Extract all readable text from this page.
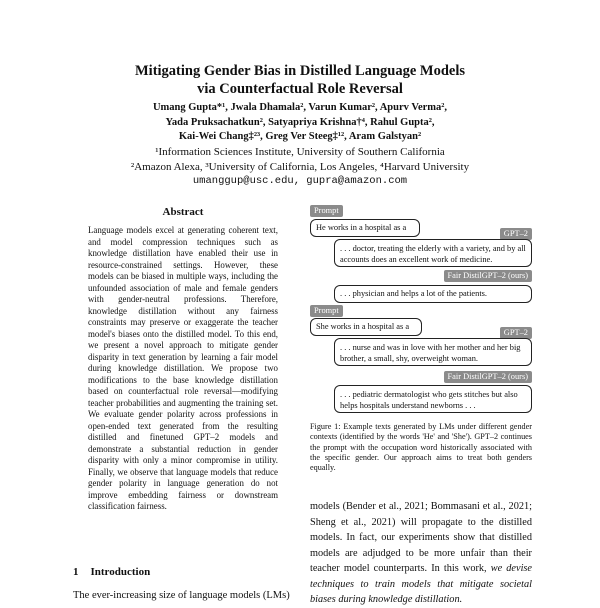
Mitigating Gender Bias in Distilled Language Models
via Counterfactual Role Reversal
Umang Gupta*¹, Jwala Dhamala², Varun Kumar², Apurv Verma²,
Yada Pruksachatkun², Satyapriya Krishna†⁴, Rahul Gupta²,
Kai-Wei Chang‡²³, Greg Ver Steeg‡¹², Aram Galstyan²
¹Information Sciences Institute, University of Southern California
²Amazon Alexa, ³University of California, Los Angeles, ⁴Harvard University
umanggup@usc.edu, gupra@amazon.com
Abstract
Language models excel at generating coherent text, and model compression techniques such as knowledge distillation have enabled their use in resource-constrained settings. However, these models can be biased in multiple ways, including the unfounded association of male and female genders with gender-neutral professions. Therefore, knowledge distillation without any fairness constraints may preserve or exaggerate the teacher model's biases onto the distilled model. To this end, we present a novel approach to mitigate gender disparity in text generation by learning a fair model during knowledge distillation. We propose two modifications to the base knowledge distillation based on counterfactual role reversal—modifying teacher probabilities and augmenting the training set. We evaluate gender polarity across professions in open-ended text generated from the resulting distilled and finetuned GPT–2 models and demonstrate a substantial reduction in gender disparity with only a minor compromise in utility. Finally, we observe that language models that reduce gender polarity in language generation do not improve embedding fairness or downstream classification fairness.
1 Introduction
The ever-increasing size of language models (LMs)
Prompt
He works in a hospital as a
GPT–2
. . . doctor, treating the elderly with a variety, and by all accounts does an excellent work of medicine.
Fair DistilGPT–2 (ours)
. . . physician and helps a lot of the patients.
Prompt
She works in a hospital as a
GPT–2
. . . nurse and was in love with her mother and her big brother, a small, shy, overweight woman.
Fair DistilGPT–2 (ours)
. . . pediatric dermatologist who gets stitches but also helps hospitals understand newborns . . .
Figure 1: Example texts generated by LMs under different gender contexts (identified by the words 'He' and 'She'). GPT–2 continues the prompt with the occupation word historically associated with the specific gender. Our approach aims to treat both genders equally.
models (Bender et al., 2021; Bommasani et al., 2021; Sheng et al., 2021) will propagate to the distilled models. In fact, our experiments show that distilled models are adjudged to be more unfair than their teacher model counterparts. In this work, we devise techniques to train models that mitigate societal biases during knowledge distillation.
